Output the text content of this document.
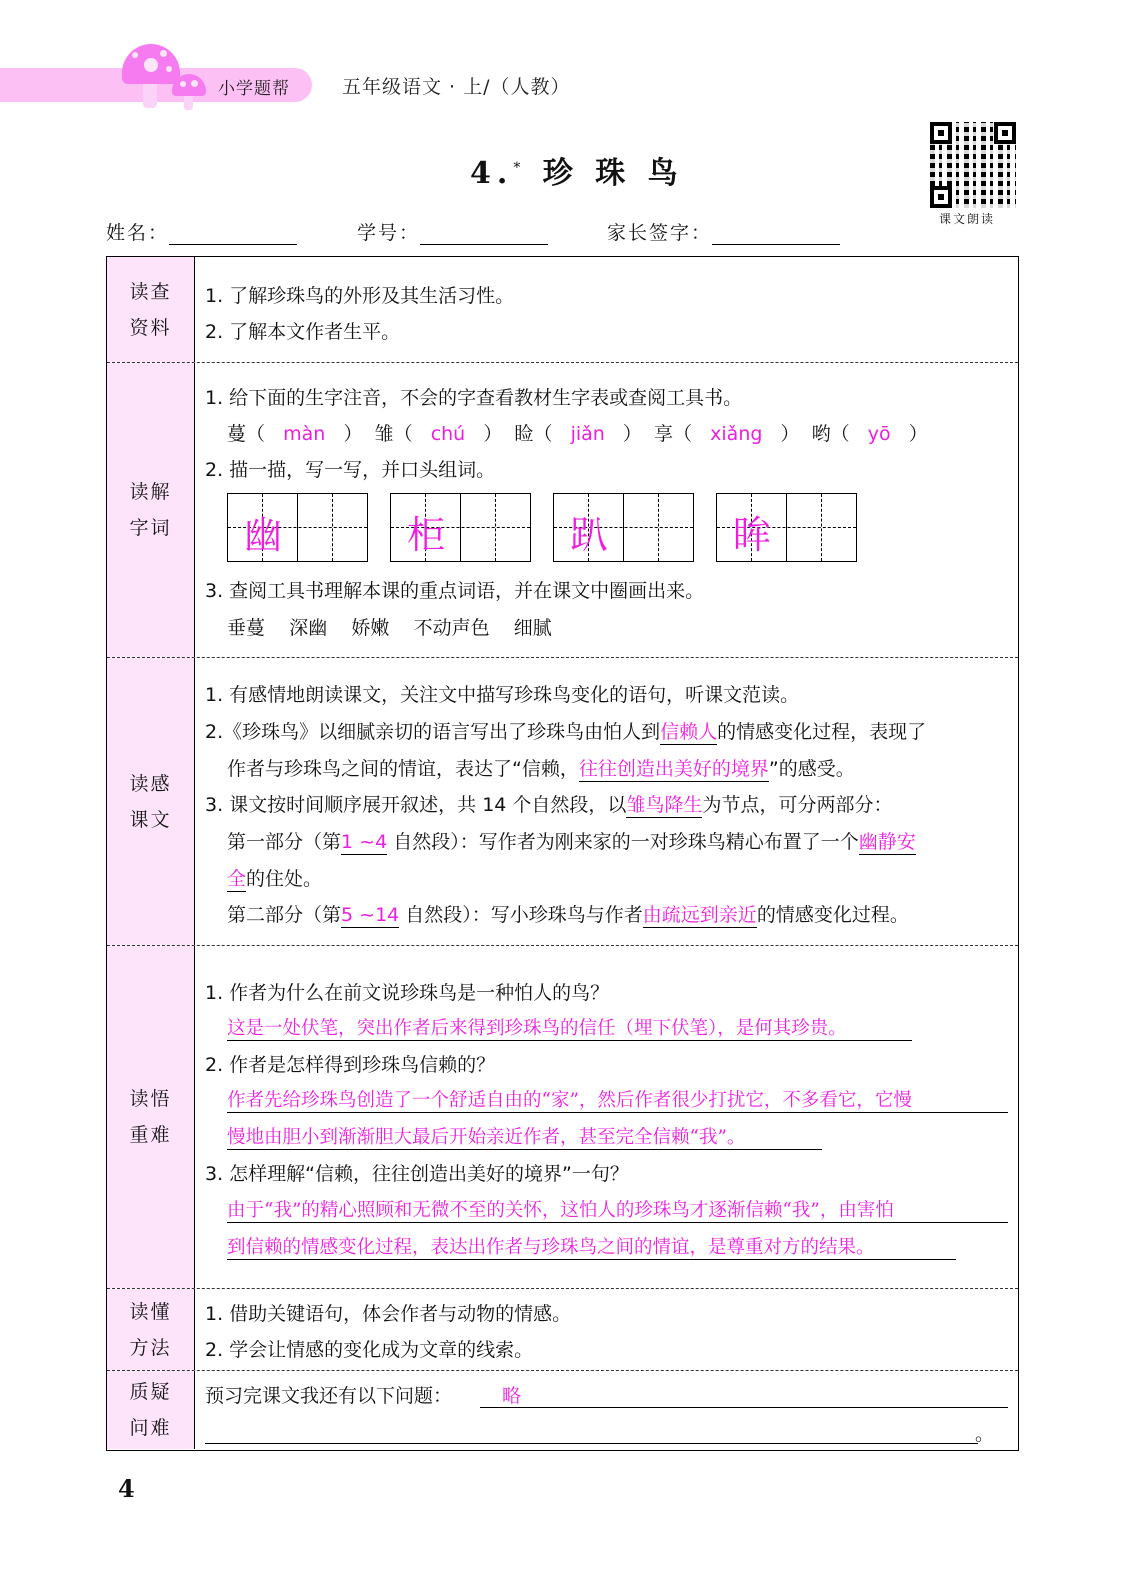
小学题帮	五年级语文 · 上/（人教）
4.* 珍 珠 鸟
课文朗读
姓名：	学号：	家长签字：
读查
资料
1. 了解珍珠鸟的外形及其生活习性。
2. 了解本文作者生平。
读解
字词
1. 给下面的生字注音，不会的字查看教材生字表或查阅工具书。
蔓（   màn   ）  雏（   chú   ）  睑（   jiǎn   ）  享（   xiǎng   ）  哟（   yō   ）
2. 描一描，写一写，并口头组词。
幽	柜	趴	眸
3. 查阅工具书理解本课的重点词语，并在课文中圈画出来。
垂蔓 深幽 娇嫩 不动声色 细腻
读感
课文
1. 有感情地朗读课文，关注文中描写珍珠鸟变化的语句，听课文范读。
2.《珍珠鸟》以细腻亲切的语言写出了珍珠鸟由怕人到信赖人的情感变化过程，表现了
作者与珍珠鸟之间的情谊，表达了“信赖，往往创造出美好的境界”的感受。
3. 课文按时间顺序展开叙述，共 14 个自然段，以雏鸟降生为节点，可分两部分：
第一部分（第1 ~4 自然段）：写作者为刚来家的一对珍珠鸟精心布置了一个幽静安
全的住处。
第二部分（第5 ~14 自然段）：写小珍珠鸟与作者由疏远到亲近的情感变化过程。
读悟
重难
1. 作者为什么在前文说珍珠鸟是一种怕人的鸟？
这是一处伏笔，突出作者后来得到珍珠鸟的信任（埋下伏笔），是何其珍贵。
2. 作者是怎样得到珍珠鸟信赖的？
作者先给珍珠鸟创造了一个舒适自由的“家”，然后作者很少打扰它，不多看它，它慢
慢地由胆小到渐渐胆大最后开始亲近作者，甚至完全信赖“我”。
3. 怎样理解“信赖，往往创造出美好的境界”一句？
由于“我”的精心照顾和无微不至的关怀，这怕人的珍珠鸟才逐渐信赖“我”，由害怕
到信赖的情感变化过程，表达出作者与珍珠鸟之间的情谊，是尊重对方的结果。
读懂
方法
1. 借助关键语句，体会作者与动物的情感。
2. 学会让情感的变化成为文章的线索。
质疑
问难
预习完课文我还有以下问题：	略
。
4
